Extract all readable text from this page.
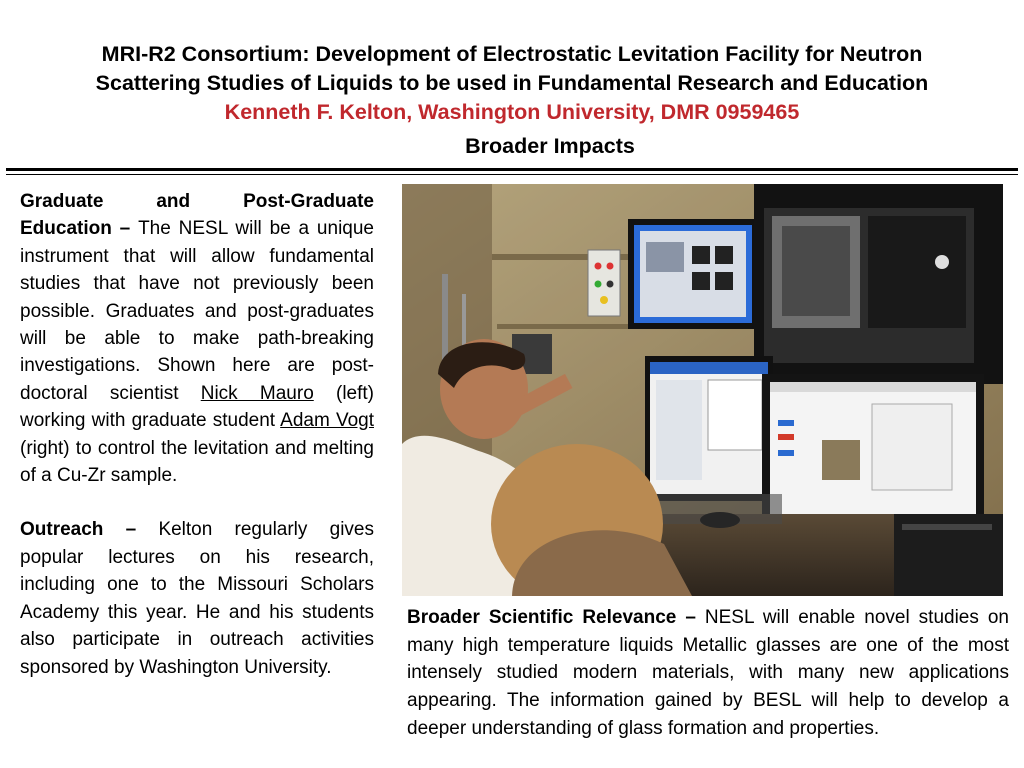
MRI-R2 Consortium: Development of Electrostatic Levitation Facility for Neutron
Scattering Studies of Liquids to be used in Fundamental Research and Education
Kenneth F. Kelton, Washington University, DMR 0959465
Broader Impacts

Graduate and Post-Graduate Education – The NESL will be a unique instrument that will allow fundamental studies that have not previously been possible. Graduates and post-graduates will be able to make path-breaking investigations. Shown here are post-doctoral scientist Nick Mauro (left) working with graduate student Adam Vogt (right) to control the levitation and melting of a Cu-Zr sample.

Outreach – Kelton regularly gives popular lectures on his research, including one to the Missouri Scholars Academy this year. He and his students also participate in outreach activities sponsored by Washington University.

Broader Scientific Relevance – NESL will enable novel studies on many high temperature liquids Metallic glasses are one of the most intensely studied modern materials, with many new applications appearing. The information gained by BESL will help to develop a deeper understanding of glass formation and properties.
